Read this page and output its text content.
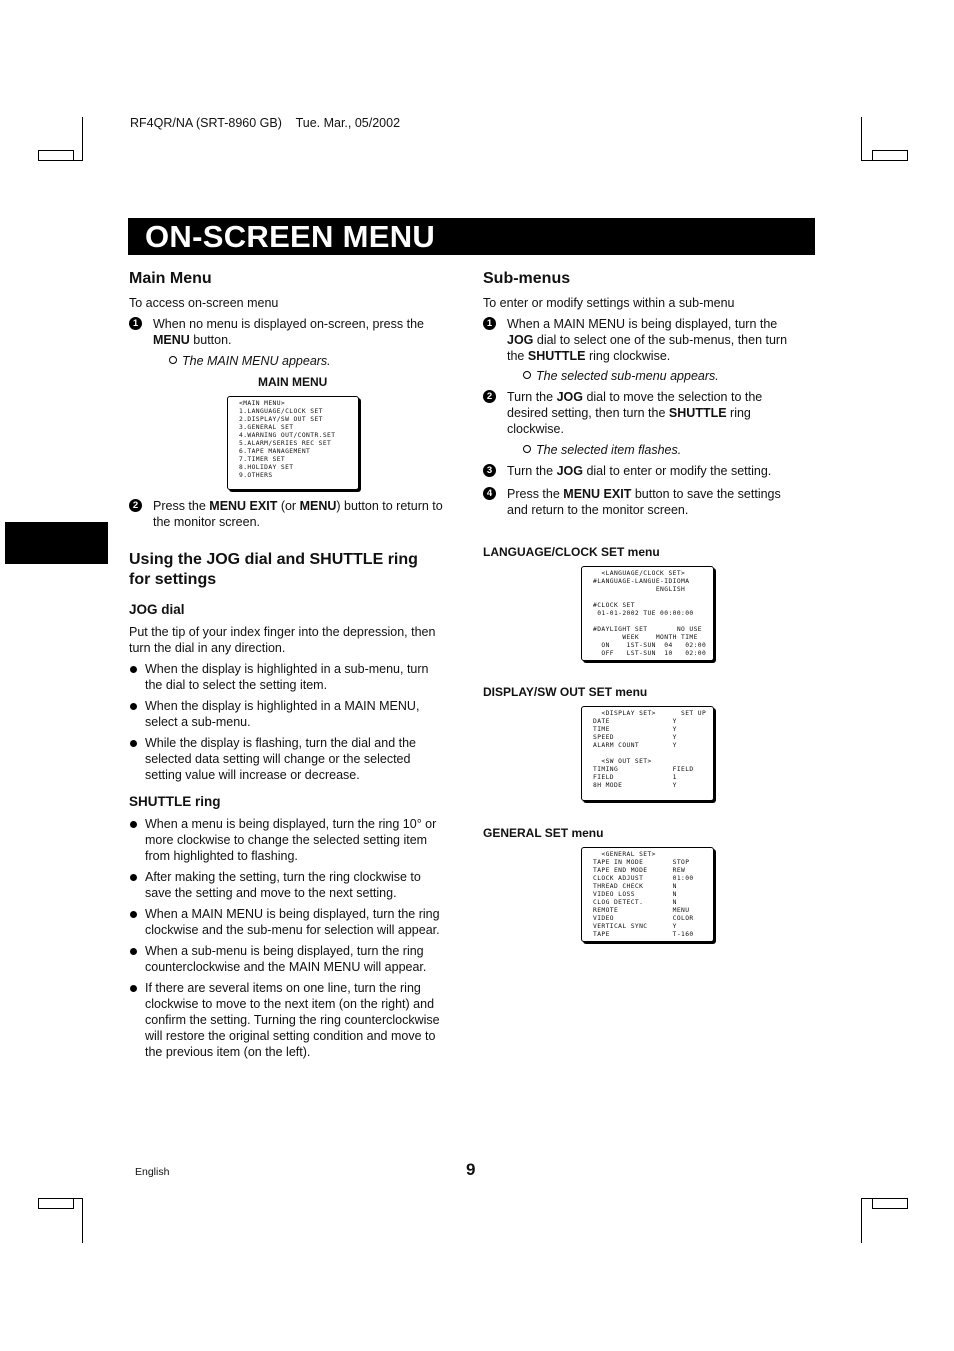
RF4QR/NA (SRT-8960 GB) Tue. Mar., 05/2002
ON-SCREEN MENU
Main Menu
To access on-screen menu
1	When no menu is displayed on-screen, press the
MENU button.
The MAIN MENU appears.
MAIN MENU
<MAIN MENU>
1.LANGUAGE/CLOCK SET
2.DISPLAY/SW OUT SET
3.GENERAL SET
4.WARNING OUT/CONTR.SET
5.ALARM/SERIES REC SET
6.TAPE MANAGEMENT
7.TIMER SET
8.HOLIDAY SET
9.OTHERS
2	Press the MENU EXIT (or MENU) button to return to
the monitor screen.
Using the JOG dial and SHUTTLE ring
for settings
JOG dial
Put the tip of your index finger into the depression, then
turn the dial in any direction.
When the display is highlighted in a sub-menu, turn
the dial to select the setting item.
When the display is highlighted in a MAIN MENU,
select a sub-menu.
While the display is flashing, turn the dial and the
selected data setting will change or the selected
setting value will increase or decrease.
SHUTTLE ring
When a menu is being displayed, turn the ring 10° or
more clockwise to change the selected setting item
from highlighted to flashing.
After making the setting, turn the ring clockwise to
save the setting and move to the next setting.
When a MAIN MENU is being displayed, turn the ring
clockwise and the sub-menu for selection will appear.
When a sub-menu is being displayed, turn the ring
counterclockwise and the MAIN MENU will appear.
If there are several items on one line, turn the ring
clockwise to move to the next item (on the right) and
confirm the setting. Turning the ring counterclockwise
will restore the original setting condition and move to
the previous item (on the left).
Sub-menus
To enter or modify settings within a sub-menu
1	When a MAIN MENU is being displayed, turn the
JOG dial to select one of the sub-menus, then turn
the SHUTTLE ring clockwise.
The selected sub-menu appears.
2	Turn the JOG dial to move the selection to the
desired setting, then turn the SHUTTLE ring
clockwise.
The selected item flashes.
3	Turn the JOG dial to enter or modify the setting.
4	Press the MENU EXIT button to save the settings
and return to the monitor screen.
LANGUAGE/CLOCK SET menu
<LANGUAGE/CLOCK SET>
#LANGUAGE-LANGUE-IDIOMA
ENGLISH
#CLOCK SET
01-01-2002 TUE 00:00:00
#DAYLIGHT SET       NO USE
WEEK    MONTH TIME
ON    1ST-SUN  04   02:00
OFF   LST-SUN  10   02:00
DISPLAY/SW OUT SET menu
<DISPLAY SET>      SET UP
DATE               Y
TIME               Y
SPEED              Y
ALARM COUNT        Y
<SW OUT SET>
TIMING             FIELD
FIELD              1
8H MODE            Y
GENERAL SET menu
<GENERAL SET>
TAPE IN MODE       STOP
TAPE END MODE      REW
CLOCK ADJUST       01:00
THREAD CHECK       N
VIDEO LOSS         N
CLOG DETECT.       N
REMOTE             MENU
VIDEO              COLOR
VERTICAL SYNC      Y
TAPE               T-160
English	9
